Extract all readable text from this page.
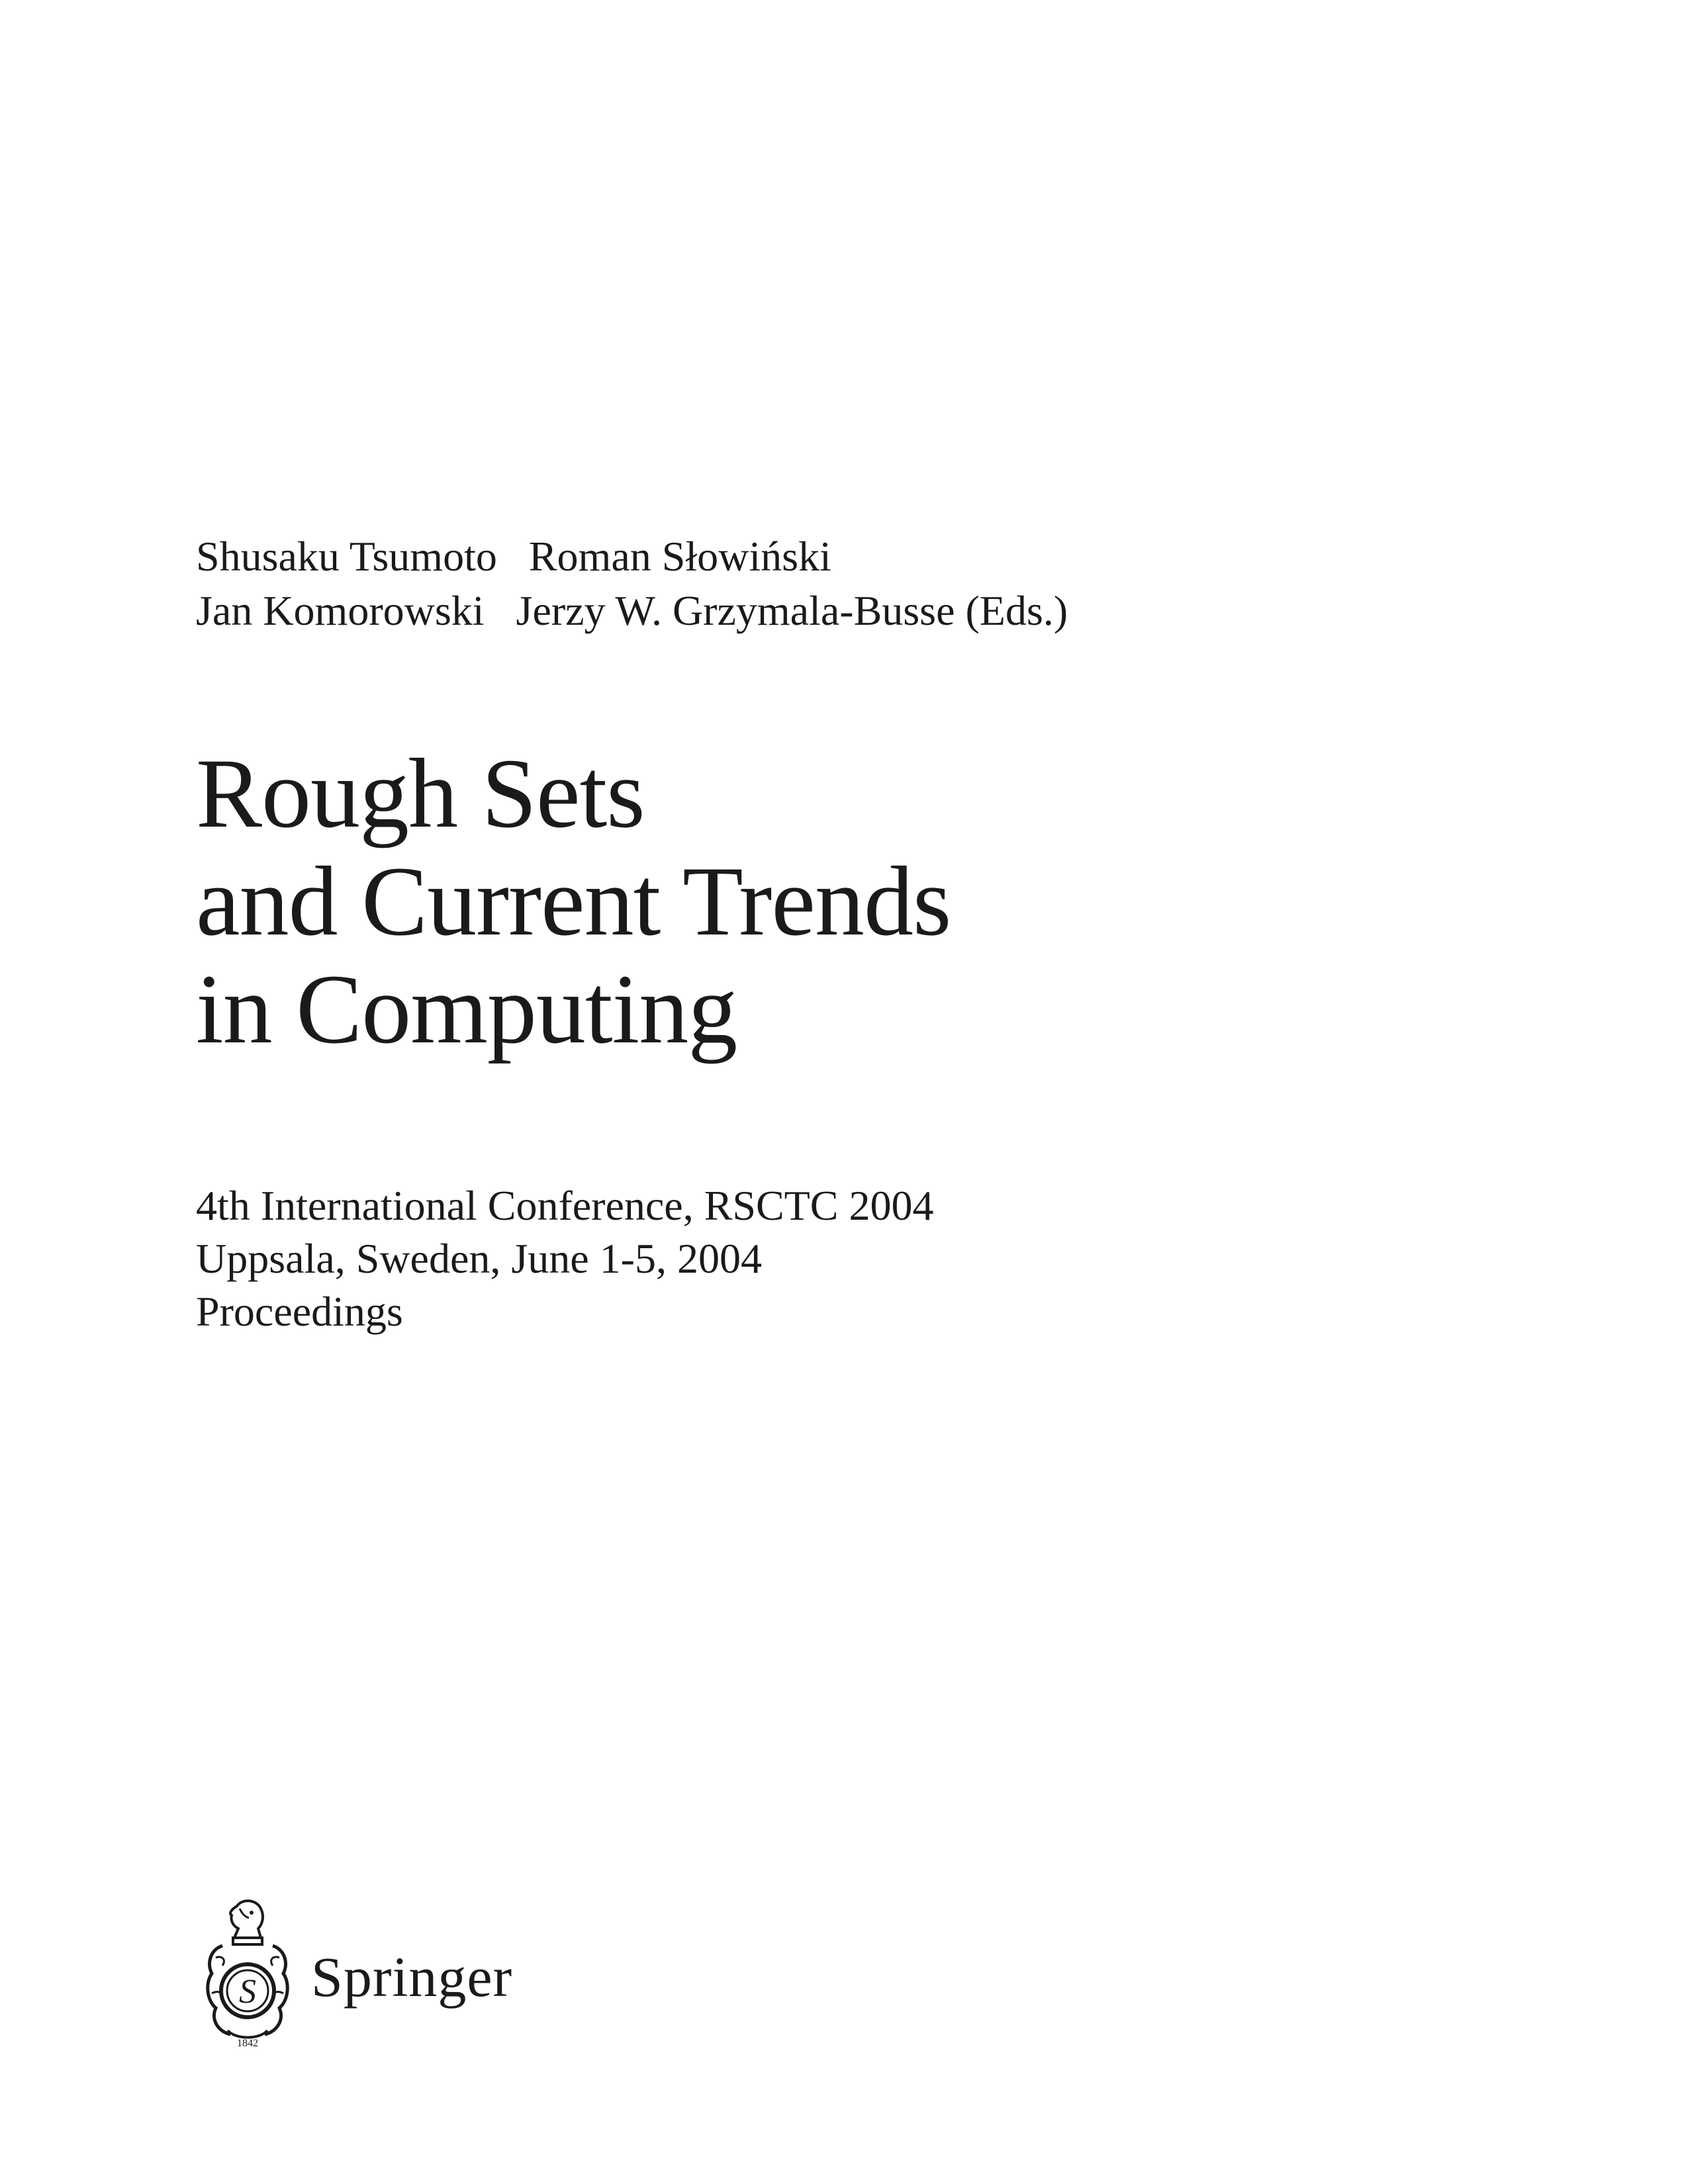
Shusaku Tsumoto Roman Słowiński
Jan Komorowski Jerzy W. Grzymala-Busse (Eds.)
Rough Sets
and Current Trends
in Computing
4th International Conference, RSCTC 2004
Uppsala, Sweden, June 1-5, 2004
Proceedings
S
1842
Springer
